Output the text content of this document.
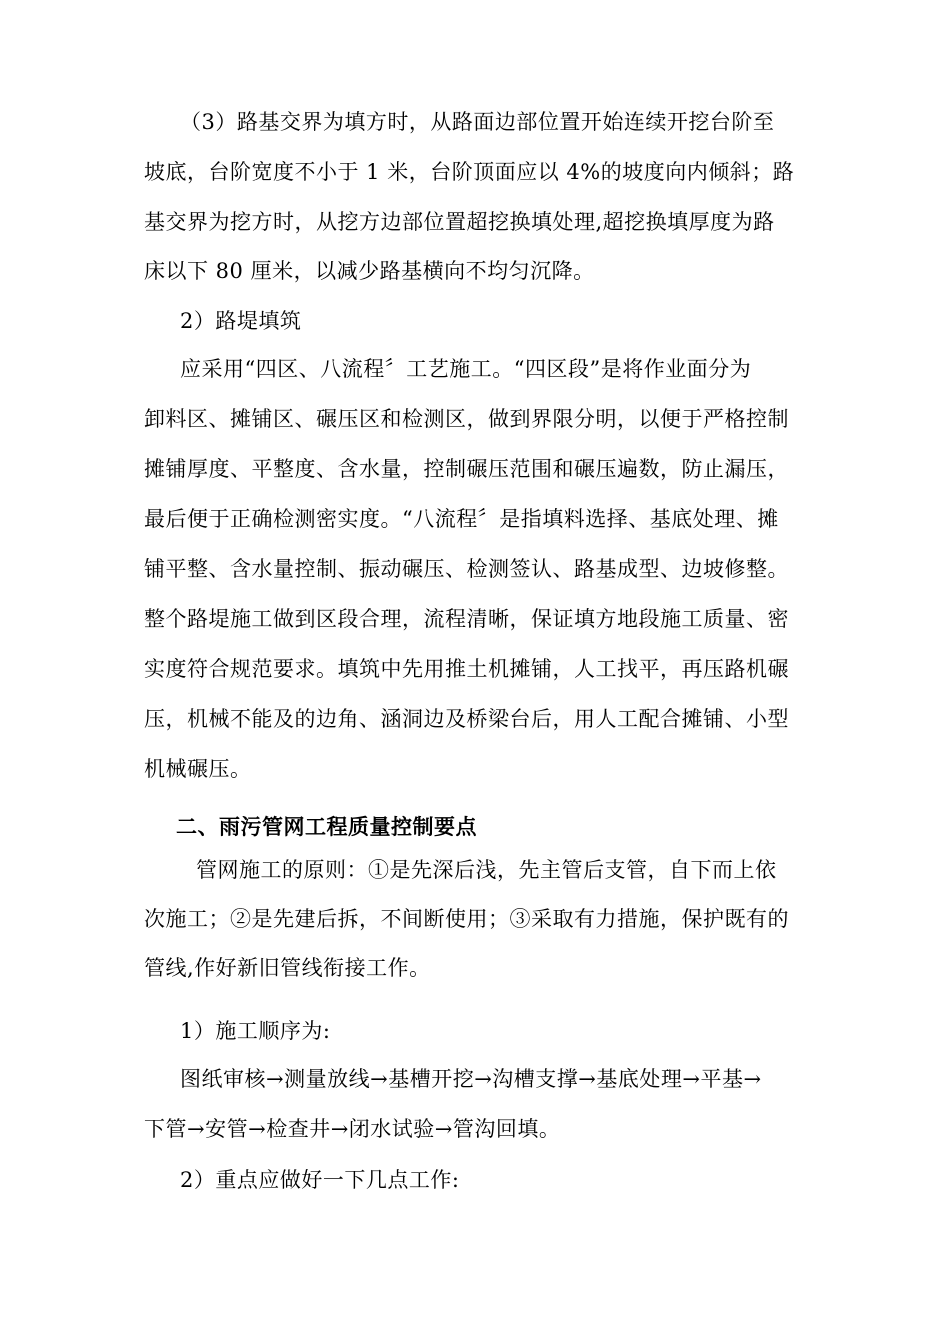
（3）路基交界为填方时，从路面边部位置开始连续开挖台阶至
坡底，台阶宽度不小于 1 米，台阶顶面应以 4%的坡度向内倾斜；路
基交界为挖方时，从挖方边部位置超挖换填处理,超挖换填厚度为路
床以下 80 厘米，以减少路基横向不均匀沉降。
2）路堤填筑
应采用“四区、八流程〞工艺施工。“四区段”是将作业面分为
卸料区、摊铺区、碾压区和检测区，做到界限分明，以便于严格控制
摊铺厚度、平整度、含水量，控制碾压范围和碾压遍数，防止漏压，
最后便于正确检测密实度。“八流程〞是指填料选择、基底处理、摊
铺平整、含水量控制、振动碾压、检测签认、路基成型、边坡修整。
整个路堤施工做到区段合理，流程清晰，保证填方地段施工质量、密
实度符合规范要求。填筑中先用推土机摊铺，人工找平，再压路机碾
压，机械不能及的边角、涵洞边及桥梁台后，用人工配合摊铺、小型
机械碾压。
二、雨污管网工程质量控制要点
管网施工的原则：①是先深后浅，先主管后支管，自下而上依
次施工；②是先建后拆，不间断使用；③采取有力措施，保护既有的
管线,作好新旧管线衔接工作。
1）施工顺序为:
图纸审核→测量放线→基槽开挖→沟槽支撑→基底处理→平基→
下管→安管→检查井→闭水试验→管沟回填。
2）重点应做好一下几点工作:
